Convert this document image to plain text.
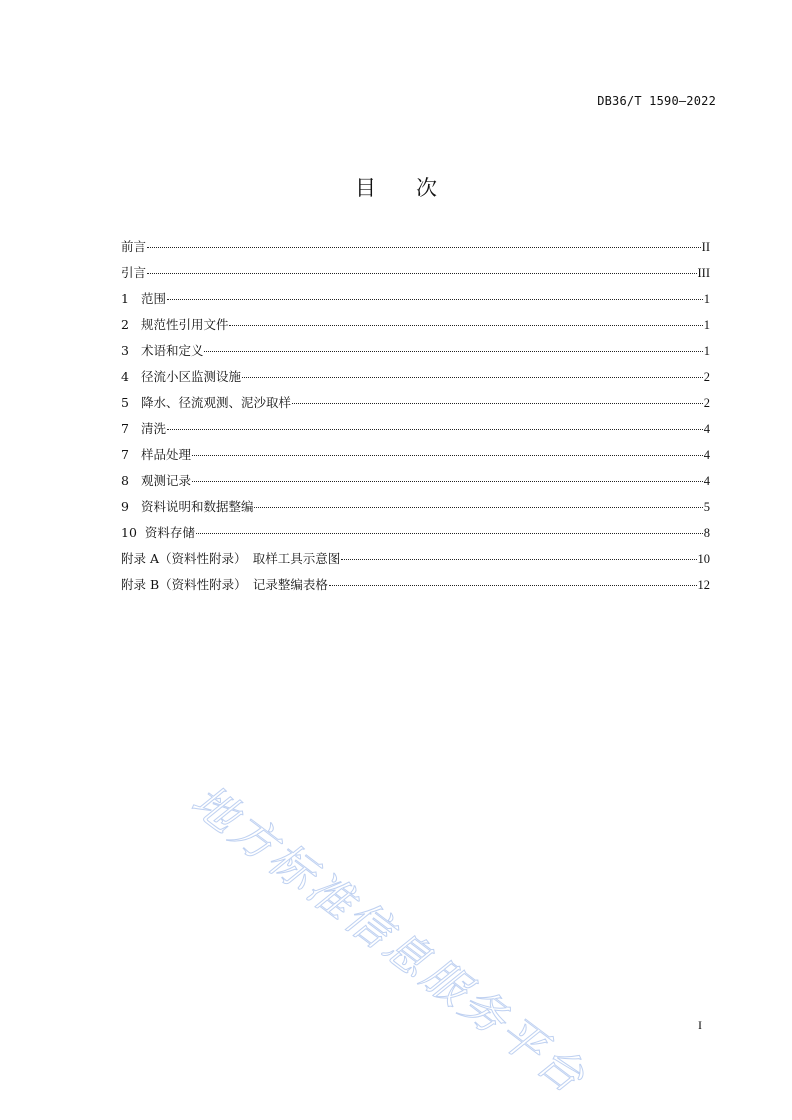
DB36/T 1590—2022
目次
前言	II
引言	III
1 范围	1
2 规范性引用文件	1
3 术语和定义	1
4 径流小区监测设施	2
5 降水、径流观测、泥沙取样	2
7 清洗	4
7 样品处理	4
8 观测记录	4
9 资料说明和数据整编	5
10 资料存储	8
附录 A（资料性附录）　取样工具示意图	10
附录 B（资料性附录）　记录整编表格	12
I
地方标准信息服务平台
